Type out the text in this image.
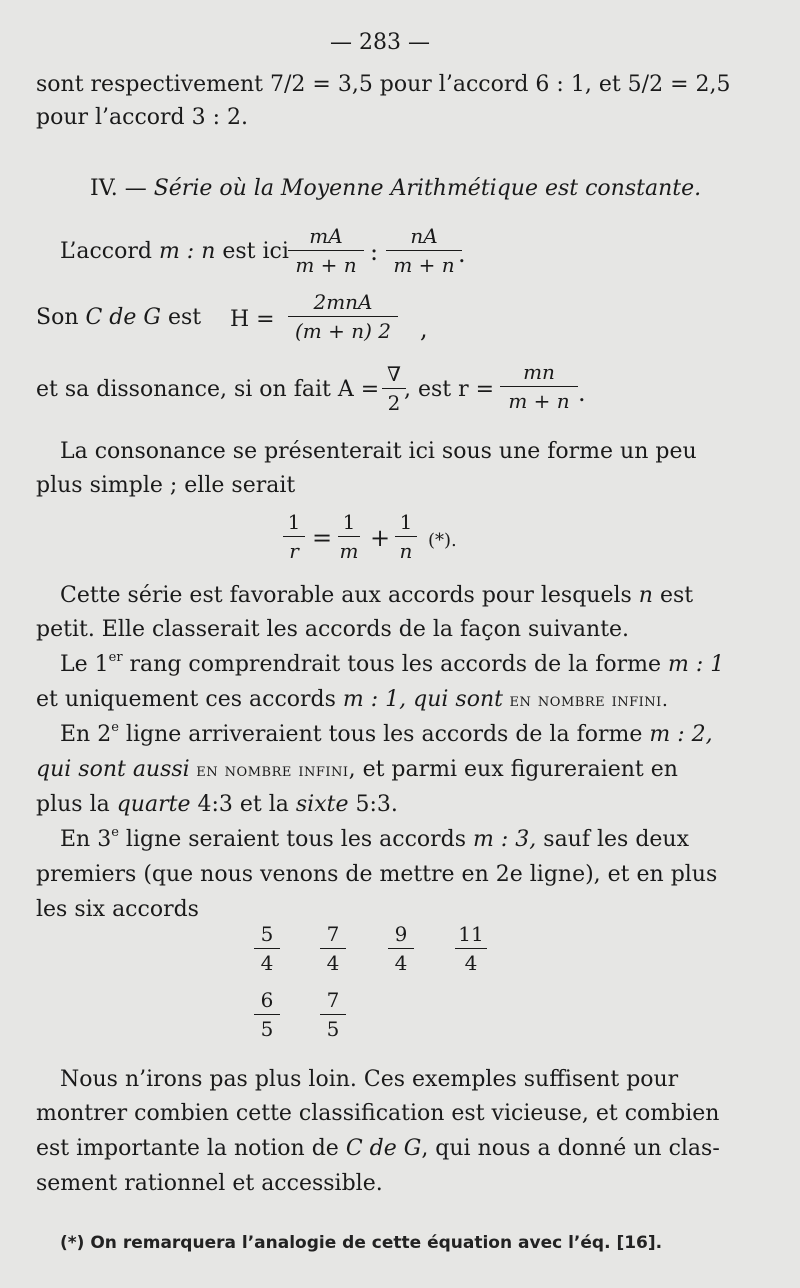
— 283 —
sont respectivement 7/2 = 3,5 pour l’accord 6 : 1, et 5/2 = 2,5
pour l’accord 3 : 2.
IV. — Série où la Moyenne Arithmétique est constante.
L’accord m : n est ici
mA
m + n :
nA
m + n .
Son C de G est H =
2mnA
(m + n) 2 ,
et sa dissonance, si on fait A =
∇
2
, est r =
mn
m + n .
La consonance se présenterait ici sous une forme un peu
plus simple ; elle serait
1
r =
1
m +
1
n (*).
Cette série est favorable aux accords pour lesquels n est
petit. Elle classerait les accords de la façon suivante.
Le 1er rang comprendrait tous les accords de la forme m : 1
et uniquement ces accords m : 1, qui sont en nombre infini.
En 2e ligne arriveraient tous les accords de la forme m : 2,
qui sont aussi en nombre infini, et parmi eux figureraient en
plus la quarte 4:3 et la sixte 5:3.
En 3e ligne seraient tous les accords m : 3, sauf les deux
premiers (que nous venons de mettre en 2e ligne), et en plus
les six accords
5
4
7
4
9
4
11
4
6
5
7
5
Nous n’irons pas plus loin. Ces exemples suffisent pour
montrer combien cette classification est vicieuse, et combien
est importante la notion de C de G, qui nous a donné un clas-
sement rationnel et accessible.
(*) On remarquera l’analogie de cette équation avec l’éq. [16].
